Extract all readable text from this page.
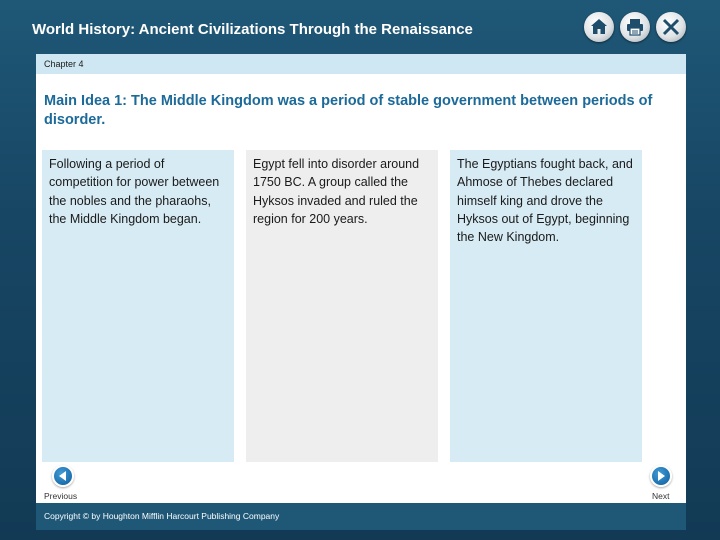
World History: Ancient Civilizations Through the Renaissance
Chapter 4
Main Idea 1: The Middle Kingdom was a period of stable government between periods of disorder.
Following a period of competition for power between the nobles and the pharaohs, the Middle Kingdom began.
Egypt fell into disorder around 1750 BC. A group called the Hyksos invaded and ruled the region for 200 years.
The Egyptians fought back, and Ahmose of Thebes declared himself king and drove the Hyksos out of Egypt, beginning the New Kingdom.
Previous	Next
Copyright © by Houghton Mifflin Harcourt Publishing Company
